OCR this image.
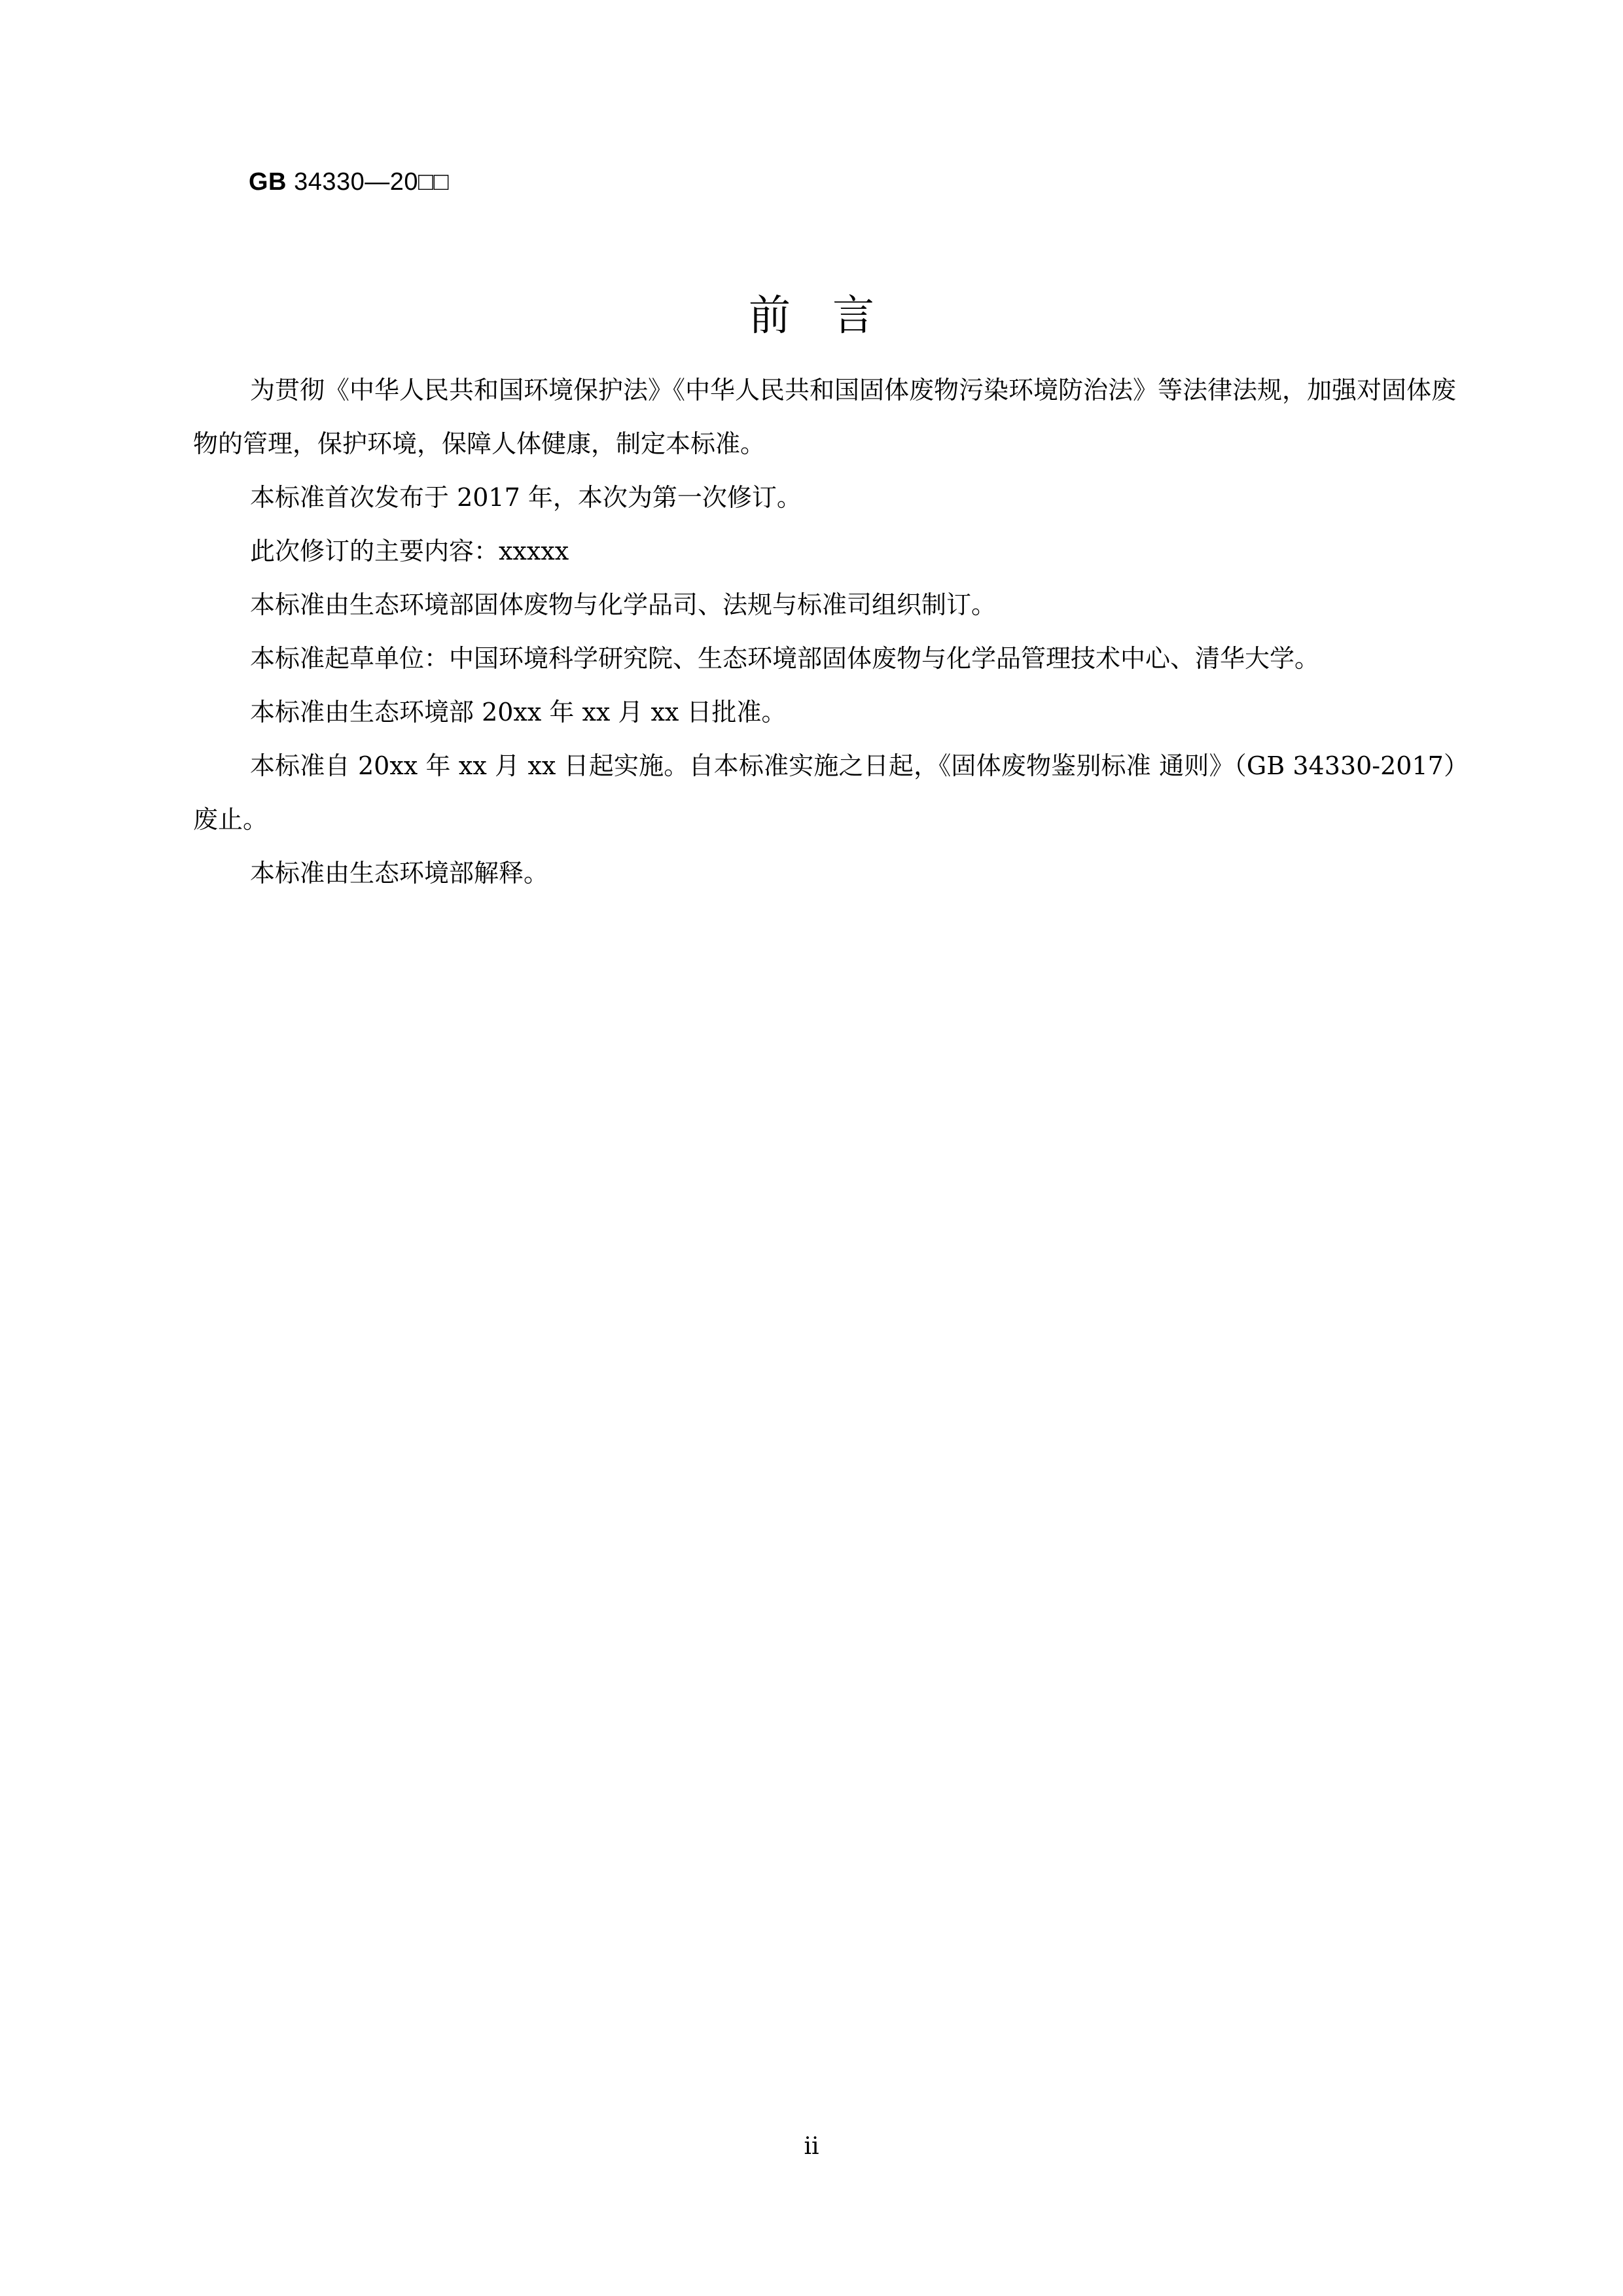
GB 34330—20□□
前言

为贯彻《中华人民共和国环境保护法》《中华人民共和国固体废物污染环境防治法》等法律法规，加强对固体废物的管理，保护环境，保障人体健康，制定本标准。

本标准首次发布于 2017 年，本次为第一次修订。

此次修订的主要内容：xxxxx

本标准由生态环境部固体废物与化学品司、法规与标准司组织制订。

本标准起草单位：中国环境科学研究院、生态环境部固体废物与化学品管理技术中心、清华大学。

本标准由生态环境部 20xx 年 xx 月 xx 日批准。

本标准自 20xx 年 xx 月 xx 日起实施。自本标准实施之日起，《固体废物鉴别标准 通则》（GB 34330-2017）废止。

本标准由生态环境部解释。

ii
